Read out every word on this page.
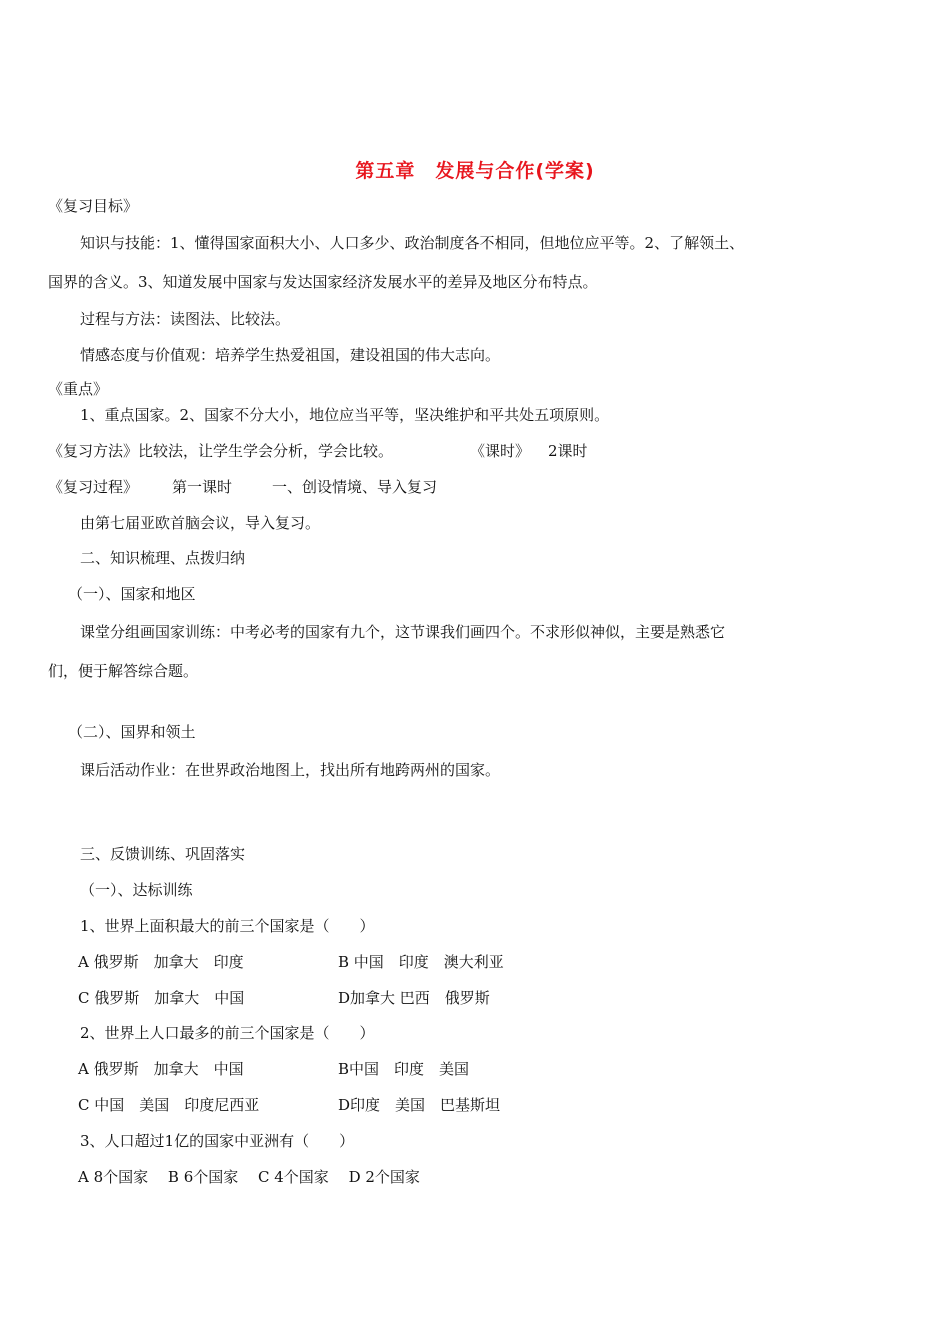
第五章　发展与合作(学案)
《复习目标》
知识与技能：1、懂得国家面积大小、人口多少、政治制度各不相同，但地位应平等。2、了解领土、
国界的含义。3、知道发展中国家与发达国家经济发展水平的差异及地区分布特点。
过程与方法：读图法、比较法。
情感态度与价值观：培养学生热爱祖国，建设祖国的伟大志向。
《重点》
1、重点国家。2、国家不分大小，地位应当平等，坚决维护和平共处五项原则。
《复习方法》比较法，让学生学会分析，学会比较。	《课时》 2课时
《复习过程》 第一课时	一、创设情境、导入复习
由第七届亚欧首脑会议，导入复习。
二、知识梳理、点拨归纳
（一）、国家和地区
课堂分组画国家训练：中考必考的国家有九个，这节课我们画四个。不求形似神似，主要是熟悉它
们，便于解答综合题。
（二）、国界和领土
课后活动作业：在世界政治地图上，找出所有地跨两州的国家。
三、反馈训练、巩固落实
（一）、达标训练
1、世界上面积最大的前三个国家是（　　）
A 俄罗斯　加拿大　印度	B 中国　印度　澳大利亚
C 俄罗斯　加拿大　中国	D加拿大 巴西　俄罗斯
2、世界上人口最多的前三个国家是（　　）
A 俄罗斯　加拿大　中国	B中国　印度　美国
C 中国　美国　印度尼西亚	D印度　美国　巴基斯坦
3、人口超过1亿的国家中亚洲有（　　）
A 8个国家　 B 6个国家　 C 4个国家　 D 2个国家
